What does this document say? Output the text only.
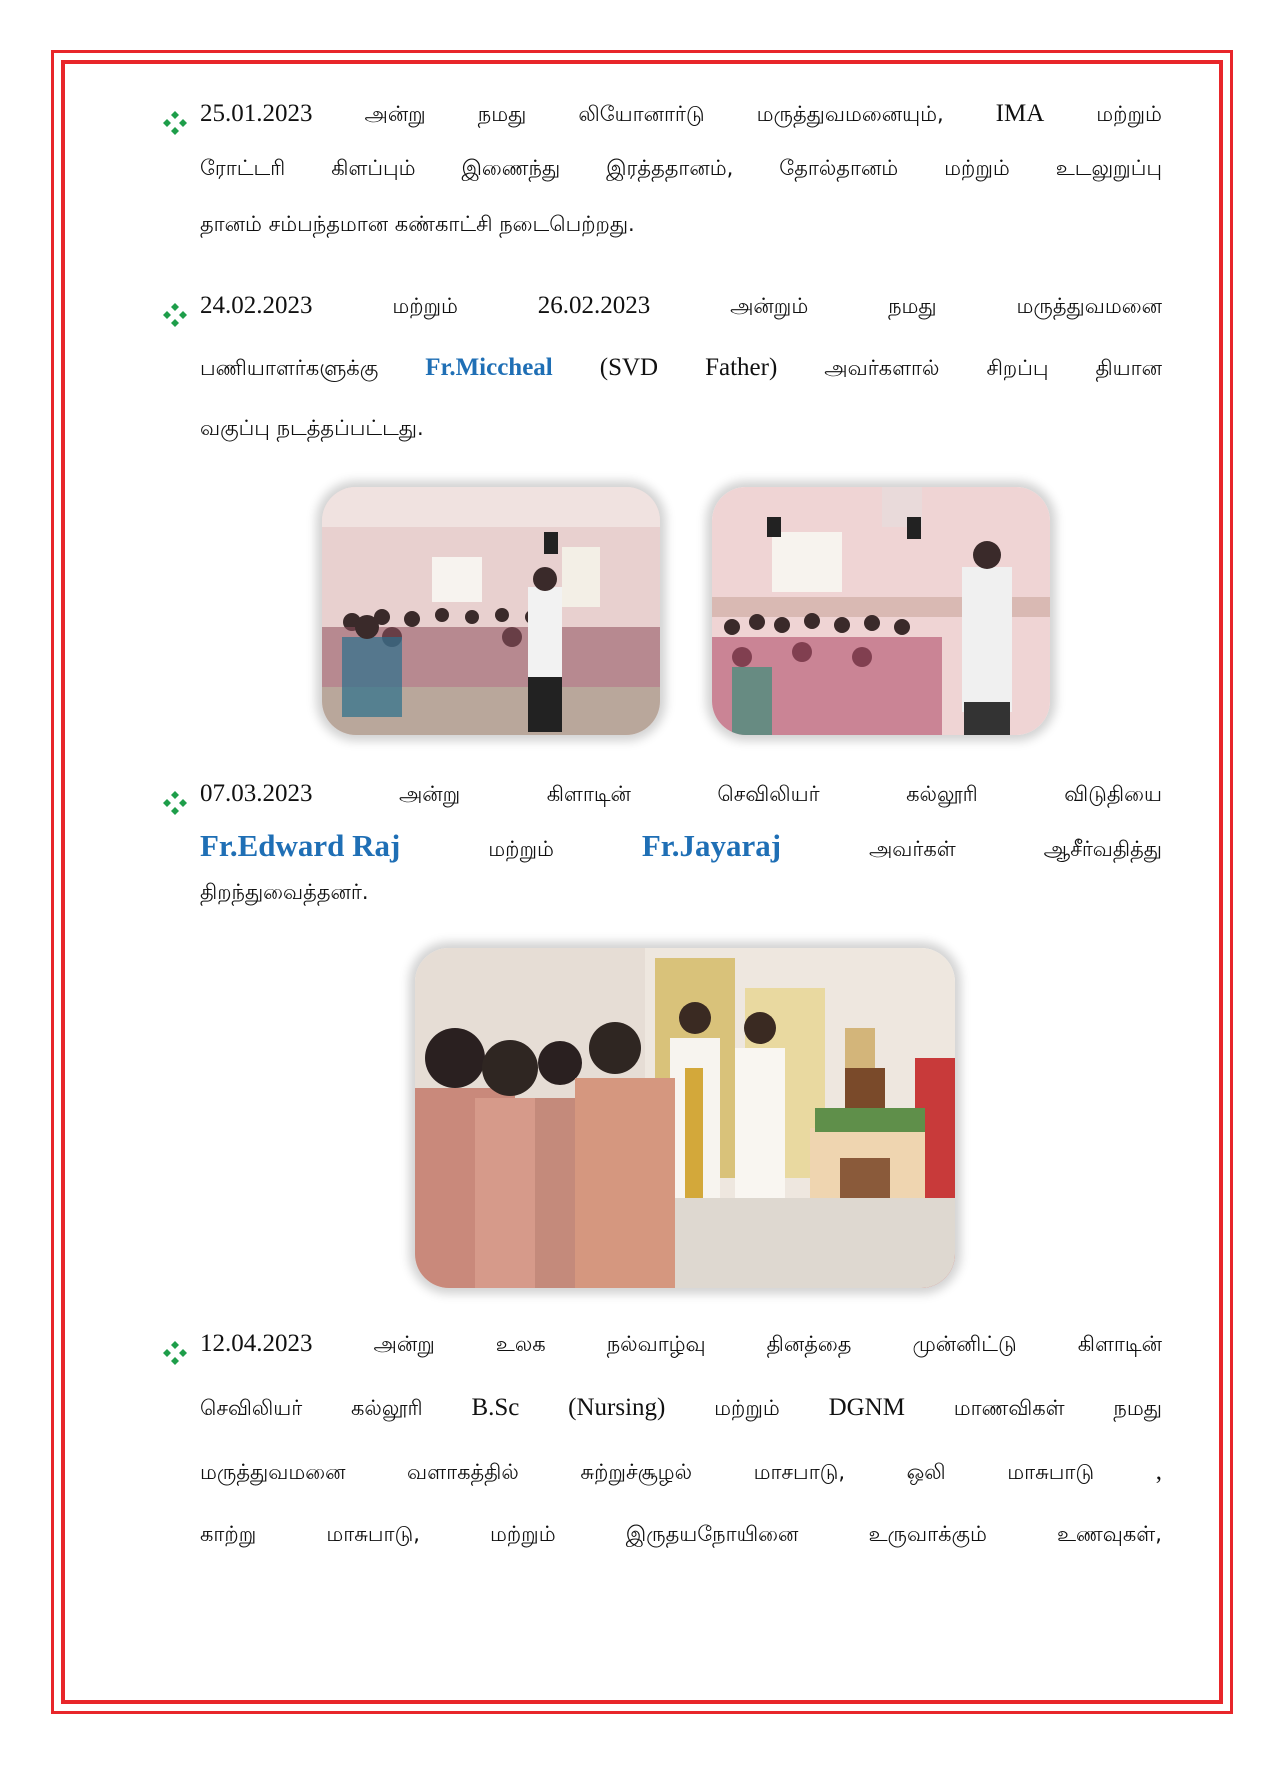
25.01.2023 அன்று நமது லியோனார்டு மருத்துவமனையும், IMA மற்றும்
ரோட்டரி கிளப்பும் இணைந்து இரத்ததானம், தோல்தானம் மற்றும் உடலுறுப்பு
தானம் சம்பந்தமான கண்காட்சி நடைபெற்றது.
24.02.2023	மற்றும்	26.02.2023	அன்றும்	நமது	மருத்துவமனை
பணியாளர்களுக்கு Fr.Miccheal (SVD Father) அவர்களால் சிறப்பு தியான
வகுப்பு நடத்தப்பட்டது.
07.03.2023	அன்று	கிளாடின்	செவிலியர்	கல்லூரி	விடுதியை
Fr.Edward Raj	மற்றும்	Fr.Jayaraj	அவர்கள்	ஆசீர்வதித்து
திறந்துவைத்தனர்.
12.04.2023	அன்று	உலக	நல்வாழ்வு	தினத்தை	முன்னிட்டு	கிளாடின்
செவிலியர் கல்லூரி B.Sc (Nursing) மற்றும் DGNM மாணவிகள் நமது
மருத்துவமனை	வளாகத்தில்	சுற்றுச்சூழல்	மாசபாடு,	ஒலி	மாசுபாடு ,
காற்று	மாசுபாடு,	மற்றும்	இருதயநோயினை	உருவாக்கும்	உணவுகள்,
